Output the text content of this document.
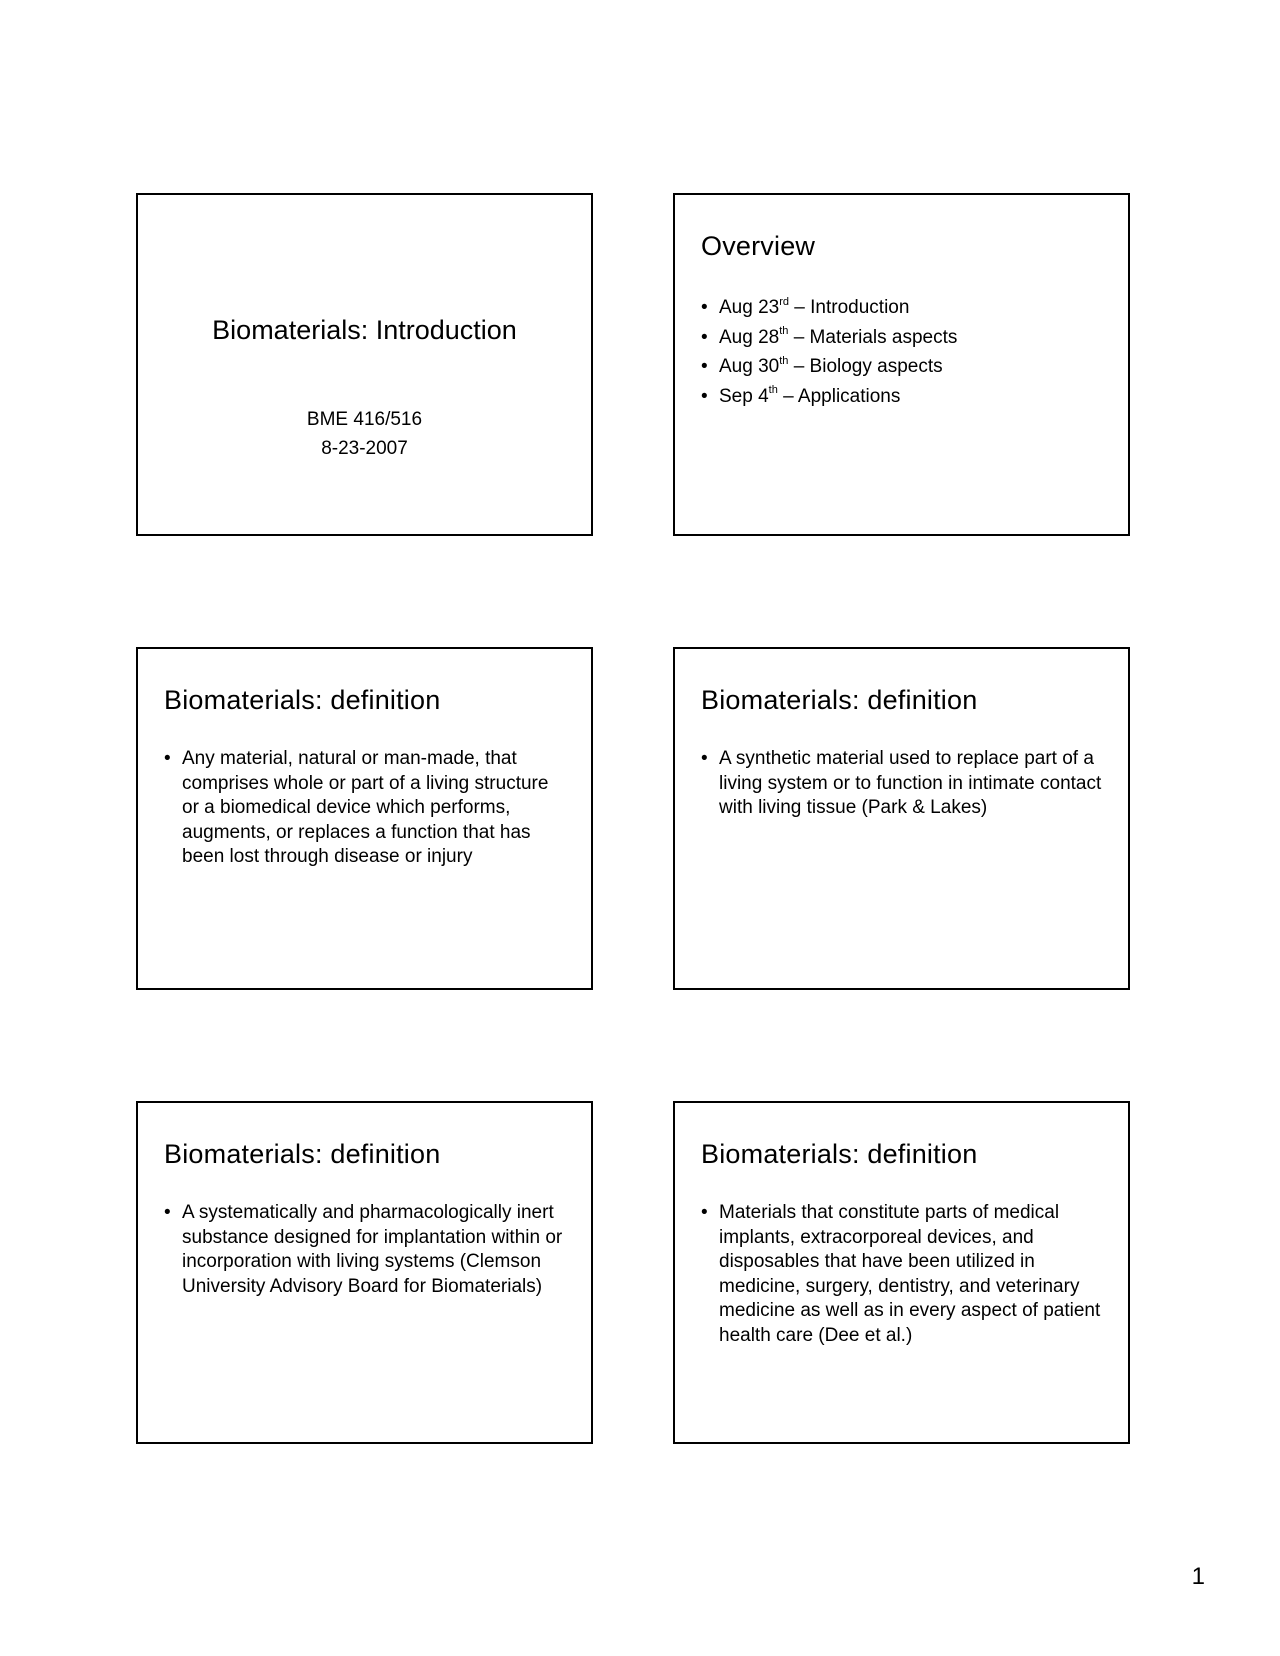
Biomaterials: Introduction
BME 416/516
8-23-2007
Overview
• Aug 23rd – Introduction
• Aug 28th – Materials aspects
• Aug 30th – Biology aspects
• Sep 4th – Applications
Biomaterials: definition
• Any material, natural or man-made, that comprises whole or part of a living structure or a biomedical device which performs, augments, or replaces a function that has been lost through disease or injury
Biomaterials: definition
• A synthetic material used to replace part of a living system or to function in intimate contact with living tissue (Park & Lakes)
Biomaterials: definition
• A systematically and pharmacologically inert substance designed for implantation within or incorporation with living systems (Clemson University Advisory Board for Biomaterials)
Biomaterials: definition
• Materials that constitute parts of medical implants, extracorporeal devices, and disposables that have been utilized in medicine, surgery, dentistry, and veterinary medicine as well as in every aspect of patient health care (Dee et al.)
1
